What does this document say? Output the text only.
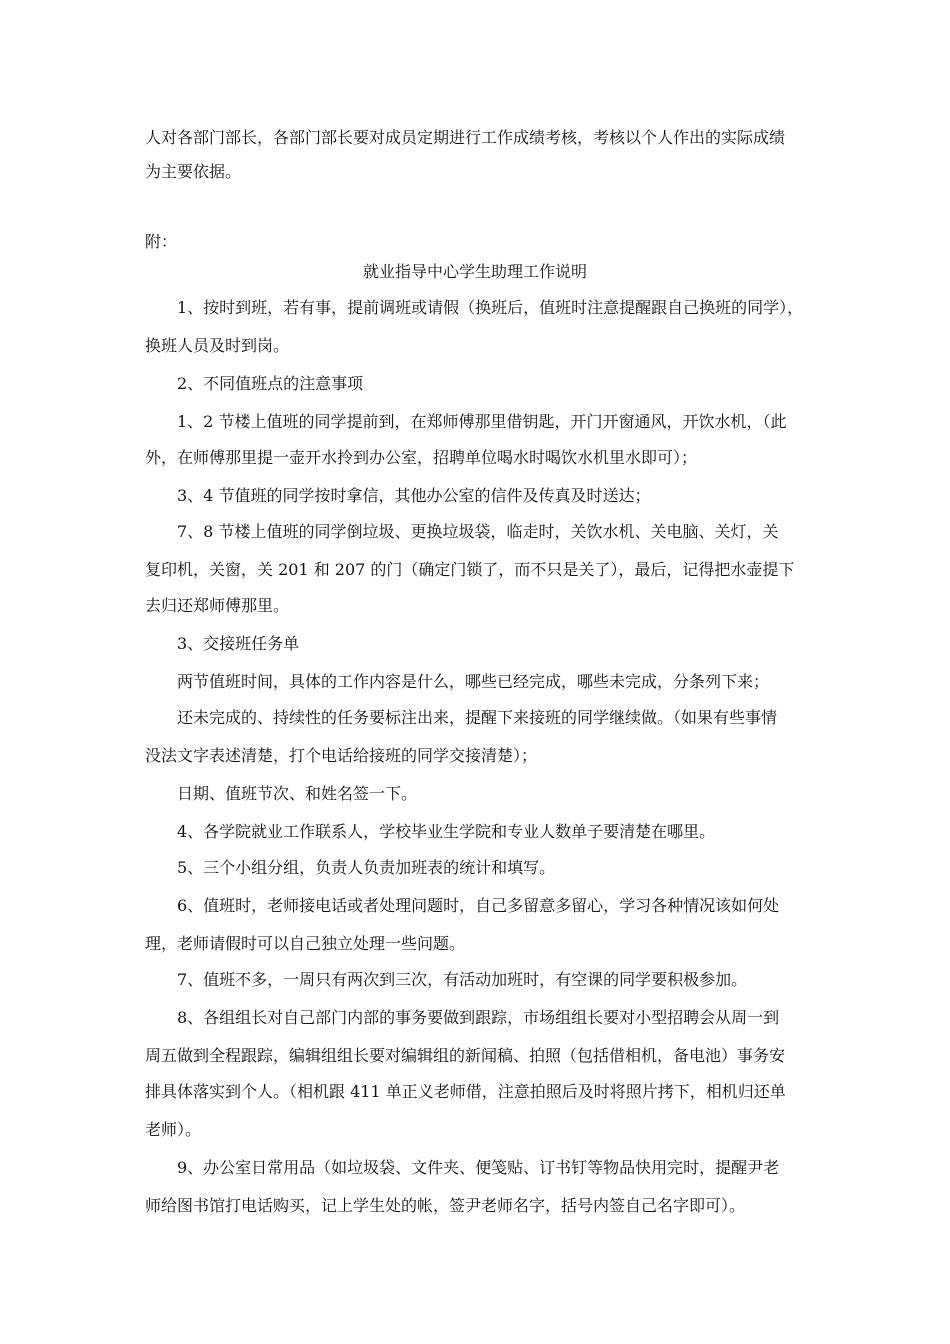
人对各部门部长，各部门部长要对成员定期进行工作成绩考核，考核以个人作出的实际成绩

为主要依据。

附：

就业指导中心学生助理工作说明

1、按时到班，若有事，提前调班或请假（换班后，值班时注意提醒跟自己换班的同学），

换班人员及时到岗。

2、不同值班点的注意事项

1、2 节楼上值班的同学提前到，在郑师傅那里借钥匙，开门开窗通风，开饮水机，（此

外，在师傅那里提一壶开水拎到办公室，招聘单位喝水时喝饮水机里水即可）；

3、4 节值班的同学按时拿信，其他办公室的信件及传真及时送达；

7、8 节楼上值班的同学倒垃圾、更换垃圾袋，临走时，关饮水机、关电脑、关灯，关

复印机，关窗，关 201 和 207 的门（确定门锁了，而不只是关了），最后，记得把水壶提下

去归还郑师傅那里。

3、交接班任务单

两节值班时间，具体的工作内容是什么，哪些已经完成，哪些未完成，分条列下来；

还未完成的、持续性的任务要标注出来，提醒下来接班的同学继续做。（如果有些事情

没法文字表述清楚，打个电话给接班的同学交接清楚）；

日期、值班节次、和姓名签一下。

4、各学院就业工作联系人，学校毕业生学院和专业人数单子要清楚在哪里。

5、三个小组分组，负责人负责加班表的统计和填写。

6、值班时，老师接电话或者处理问题时，自己多留意多留心，学习各种情况该如何处

理，老师请假时可以自己独立处理一些问题。

7、值班不多，一周只有两次到三次，有活动加班时，有空课的同学要积极参加。

8、各组组长对自己部门内部的事务要做到跟踪，市场组组长要对小型招聘会从周一到

周五做到全程跟踪，编辑组组长要对编辑组的新闻稿、拍照（包括借相机，备电池）事务安

排具体落实到个人。（相机跟 411 单正义老师借，注意拍照后及时将照片拷下，相机归还单

老师）。

9、办公室日常用品（如垃圾袋、文件夹、便笺贴、订书钉等物品快用完时，提醒尹老

师给图书馆打电话购买，记上学生处的帐，签尹老师名字，括号内签自己名字即可）。
